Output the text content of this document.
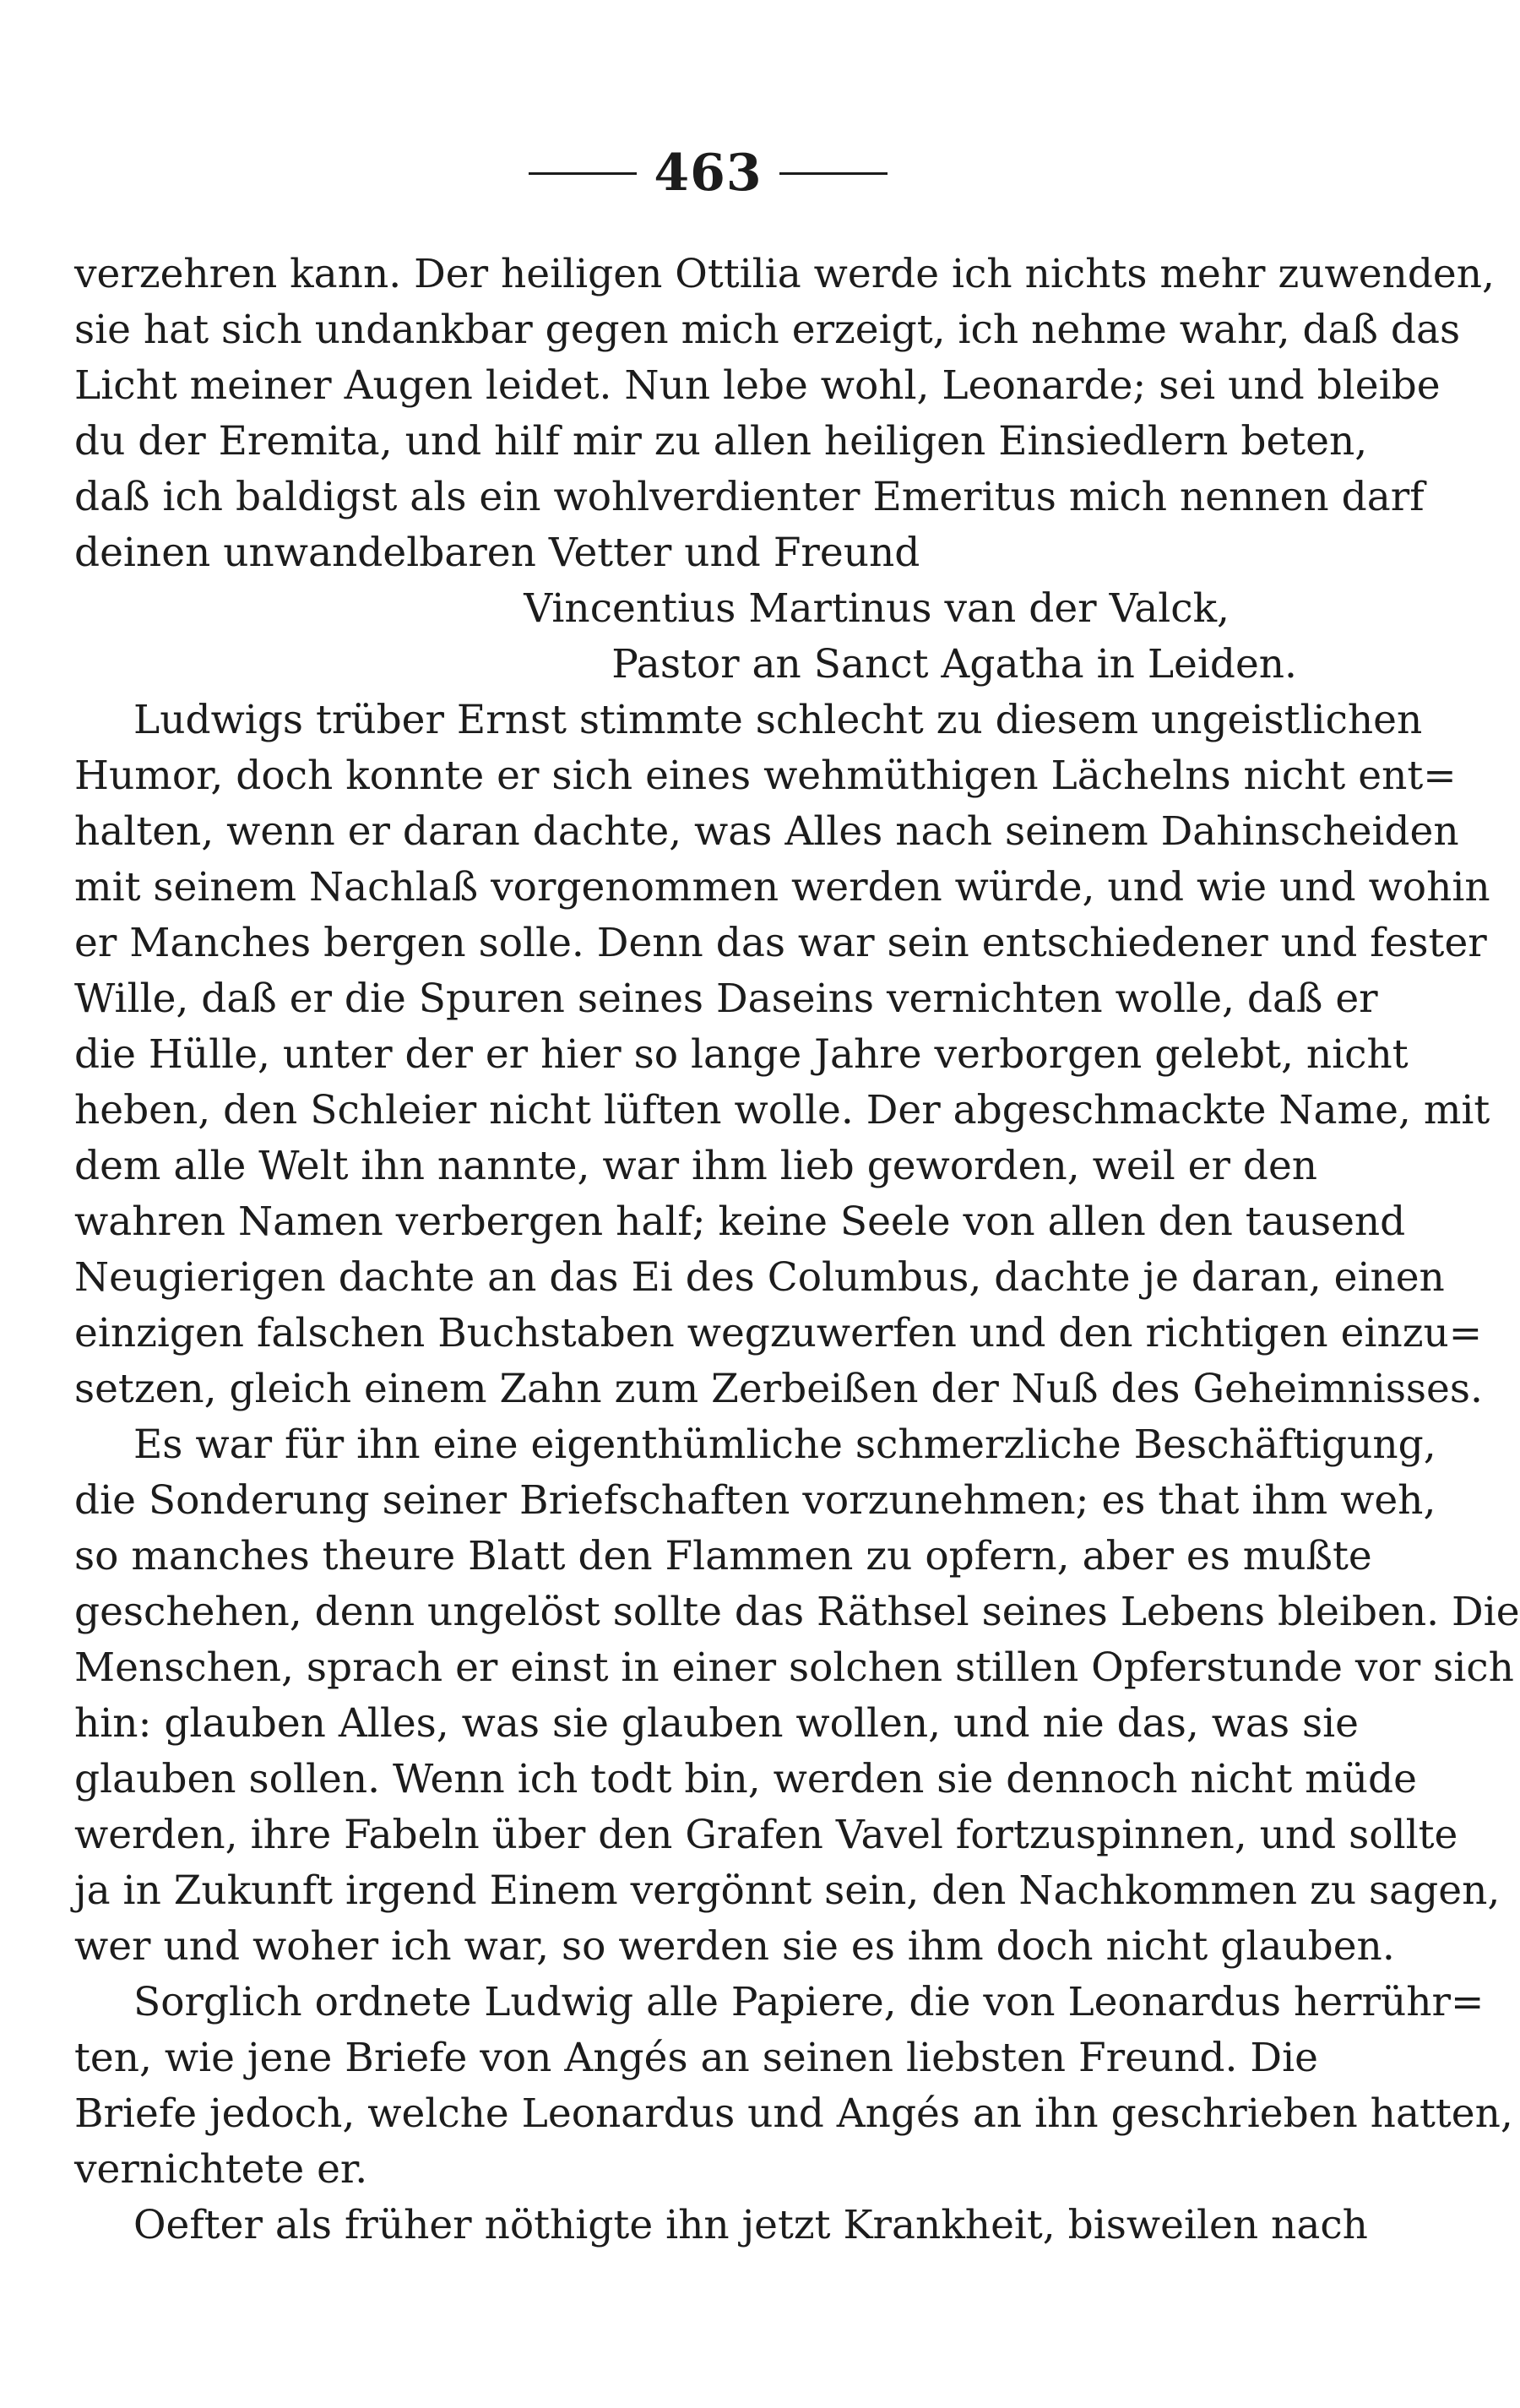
463
verzehren kann. Der heiligen Ottilia werde ich nichts mehr zuwenden,
sie hat sich undankbar gegen mich erzeigt, ich nehme wahr, daß das
Licht meiner Augen leidet. Nun lebe wohl, Leonarde; sei und bleibe
du der Eremita, und hilf mir zu allen heiligen Einsiedlern beten,
daß ich baldigst als ein wohlverdienter Emeritus mich nennen darf
deinen unwandelbaren Vetter und Freund
Vincentius Martinus van der Valck,
Pastor an Sanct Agatha in Leiden.
Ludwigs trüber Ernst stimmte schlecht zu diesem ungeistlichen
Humor, doch konnte er sich eines wehmüthigen Lächelns nicht ent=
halten, wenn er daran dachte, was Alles nach seinem Dahinscheiden
mit seinem Nachlaß vorgenommen werden würde, und wie und wohin
er Manches bergen solle. Denn das war sein entschiedener und fester
Wille, daß er die Spuren seines Daseins vernichten wolle, daß er
die Hülle, unter der er hier so lange Jahre verborgen gelebt, nicht
heben, den Schleier nicht lüften wolle. Der abgeschmackte Name, mit
dem alle Welt ihn nannte, war ihm lieb geworden, weil er den
wahren Namen verbergen half; keine Seele von allen den tausend
Neugierigen dachte an das Ei des Columbus, dachte je daran, einen
einzigen falschen Buchstaben wegzuwerfen und den richtigen einzu=
setzen, gleich einem Zahn zum Zerbeißen der Nuß des Geheimnisses.
Es war für ihn eine eigenthümliche schmerzliche Beschäftigung,
die Sonderung seiner Briefschaften vorzunehmen; es that ihm weh,
so manches theure Blatt den Flammen zu opfern, aber es mußte
geschehen, denn ungelöst sollte das Räthsel seines Lebens bleiben. Die
Menschen, sprach er einst in einer solchen stillen Opferstunde vor sich
hin: glauben Alles, was sie glauben wollen, und nie das, was sie
glauben sollen. Wenn ich todt bin, werden sie dennoch nicht müde
werden, ihre Fabeln über den Grafen Vavel fortzuspinnen, und sollte
ja in Zukunft irgend Einem vergönnt sein, den Nachkommen zu sagen,
wer und woher ich war, so werden sie es ihm doch nicht glauben.
Sorglich ordnete Ludwig alle Papiere, die von Leonardus herrühr=
ten, wie jene Briefe von Angés an seinen liebsten Freund. Die
Briefe jedoch, welche Leonardus und Angés an ihn geschrieben hatten,
vernichtete er.
Oefter als früher nöthigte ihn jetzt Krankheit, bisweilen nach
